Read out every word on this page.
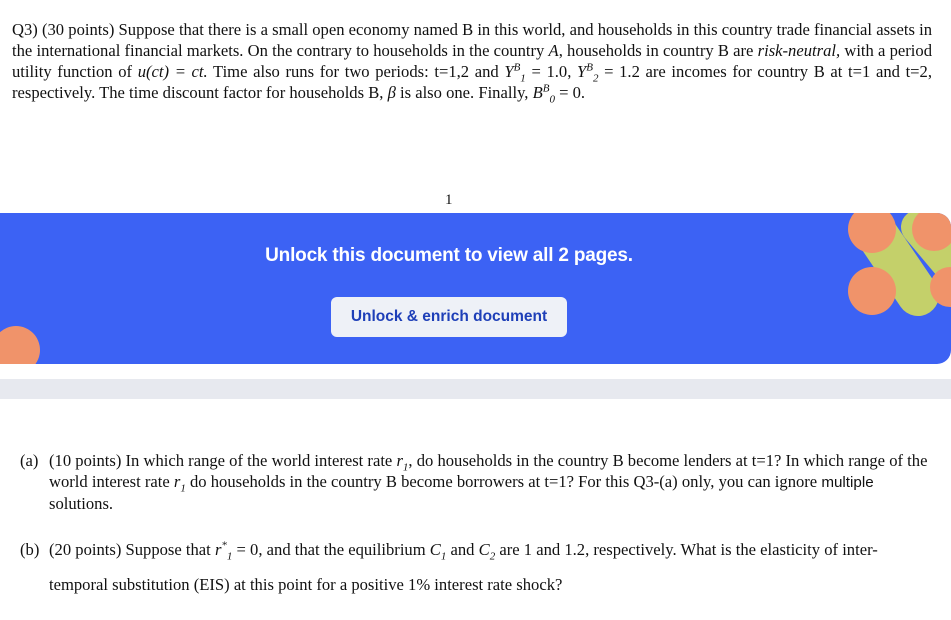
Q3) (30 points) Suppose that there is a small open economy named B in this world, and households in this country trade financial assets in the international financial markets. On the contrary to households in the country A, households in country B are risk-neutral, with a period utility function of u(ct) = ct. Time also runs for two periods: t=1,2 and $Y^B_1 = 1.0$, $Y^B_2 = 1.2$ are incomes for country B at t=1 and t=2, respectively. The time discount factor for households B, β is also one. Finally, $B^B_0 = 0$.

1
Unlock this document to view all 2 pages.
Unlock & enrich document
(a) (10 points) In which range of the world interest rate $r_1$, do households in the country B become lenders at t=1? In which range of the world interest rate $r_1$ do households in the country B become borrowers at t=1? For this Q3-(a) only, you can ignore multiple solutions.
(b) (20 points) Suppose that $r^*_1 = 0$, and that the equilibrium $C_1$ and $C_2$ are 1 and 1.2, respectively. What is the elasticity of inter-temporal substitution (EIS) at this point for a positive 1% interest rate shock?
